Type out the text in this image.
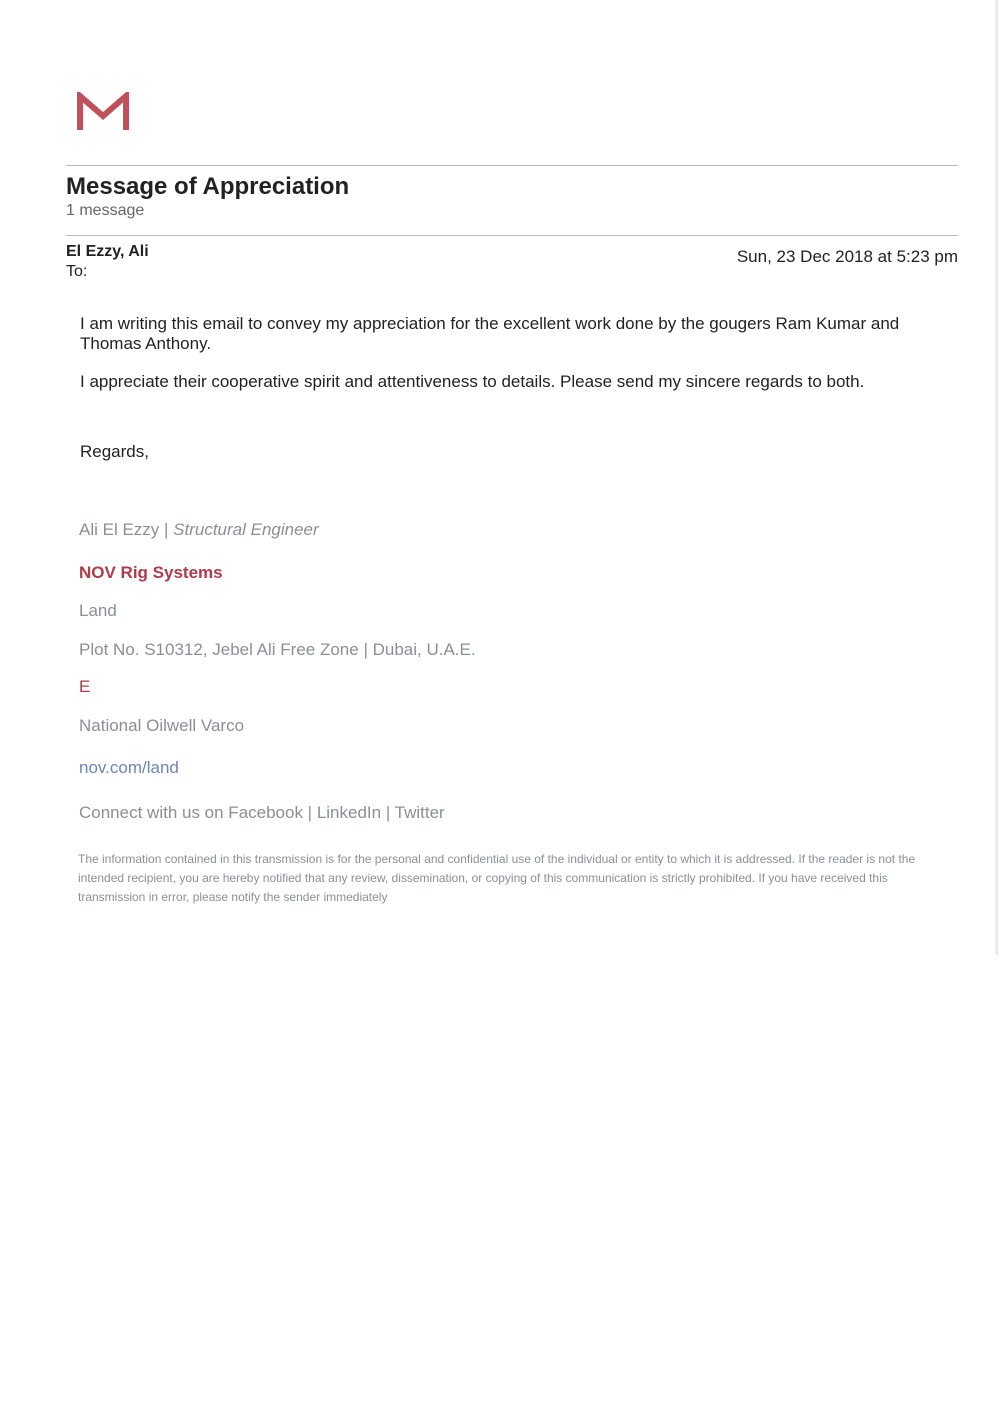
Message of Appreciation
1 message
El Ezzy, Ali
To:
Sun, 23 Dec 2018 at 5:23 pm

I am writing this email to convey my appreciation for the excellent work done by the gougers Ram Kumar and Thomas Anthony.

I appreciate their cooperative spirit and attentiveness to details. Please send my sincere regards to both.

Regards,

Ali El Ezzy | Structural Engineer
NOV Rig Systems
Land
Plot No. S10312, Jebel Ali Free Zone | Dubai, U.A.E.
E
National Oilwell Varco
nov.com/land
Connect with us on Facebook | LinkedIn | Twitter
The information contained in this transmission is for the personal and confidential use of the individual or entity to which it is addressed. If the reader is not the intended recipient, you are hereby notified that any review, dissemination, or copying of this communication is strictly prohibited. If you have received this transmission in error, please notify the sender immediately
